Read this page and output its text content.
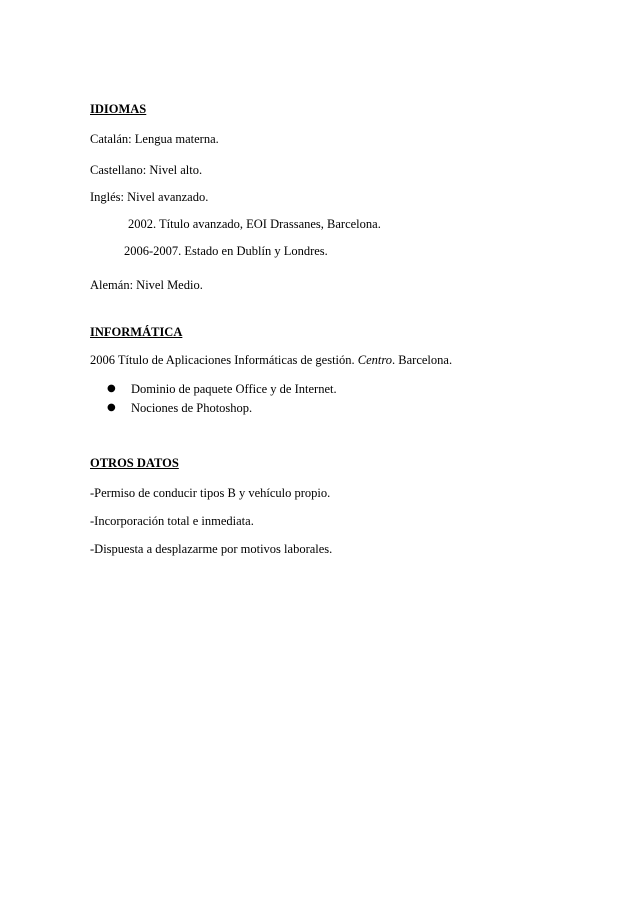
IDIOMAS
Catalán: Lengua materna.
Castellano: Nivel alto.
Inglés: Nivel avanzado.
2002. Título avanzado, EOI Drassanes, Barcelona.
2006-2007. Estado en Dublín y Londres.
Alemán: Nivel Medio.
INFORMÁTICA
2006 Título de Aplicaciones Informáticas de gestión. Centro. Barcelona.
● Dominio de paquete Office y de Internet.
● Nociones de Photoshop.
OTROS DATOS
-Permiso de conducir tipos B y vehículo propio.
-Incorporación total e inmediata.
-Dispuesta a desplazarme por motivos laborales.
